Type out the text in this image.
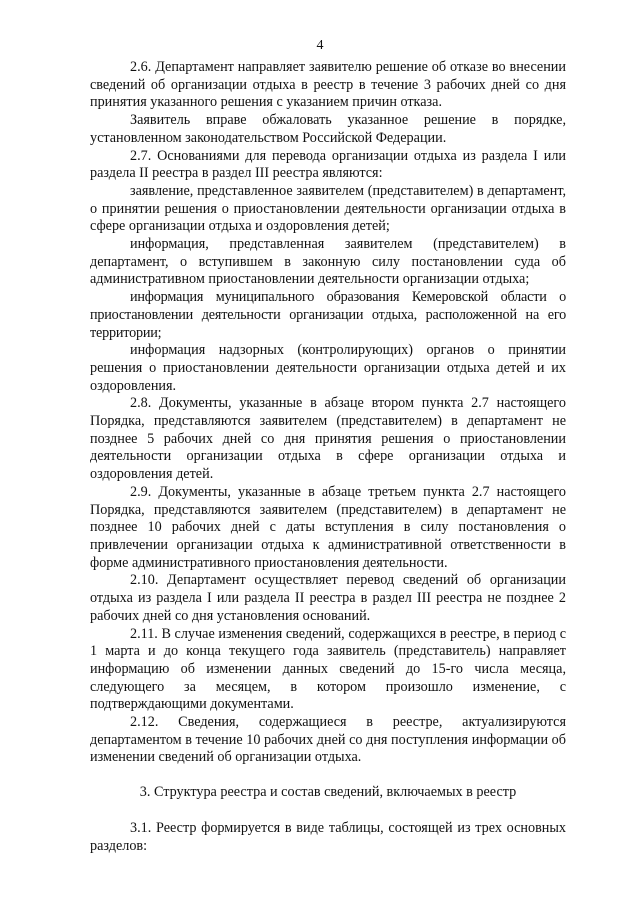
4

2.6. Департамент направляет заявителю решение об отказе во внесении сведений об организации отдыха в реестр в течение 3 рабочих дней со дня принятия указанного решения с указанием причин отказа.

Заявитель вправе обжаловать указанное решение в порядке, установленном законодательством Российской Федерации.

2.7. Основаниями для перевода организации отдыха из раздела I или раздела II реестра в раздел III реестра являются:

заявление, представленное заявителем (представителем) в департамент, о принятии решения о приостановлении деятельности организации отдыха в сфере организации отдыха и оздоровления детей;

информация, представленная заявителем (представителем) в департамент, о вступившем в законную силу постановлении суда об административном приостановлении деятельности организации отдыха;

информация муниципального образования Кемеровской области о приостановлении деятельности организации отдыха, расположенной на его территории;

информация надзорных (контролирующих) органов о принятии решения о приостановлении деятельности организации отдыха детей и их оздоровления.

2.8. Документы, указанные в абзаце втором пункта 2.7 настоящего Порядка, представляются заявителем (представителем) в департамент не позднее 5 рабочих дней со дня принятия решения о приостановлении деятельности организации отдыха в сфере организации отдыха и оздоровления детей.

2.9. Документы, указанные в абзаце третьем пункта 2.7 настоящего Порядка, представляются заявителем (представителем) в департамент не позднее 10 рабочих дней с даты вступления в силу постановления о привлечении организации отдыха к административной ответственности в форме административного приостановления деятельности.

2.10. Департамент осуществляет перевод сведений об организации отдыха из раздела I или раздела II реестра в раздел III реестра не позднее 2 рабочих дней со дня установления оснований.

2.11. В случае изменения сведений, содержащихся в реестре, в период с 1 марта и до конца текущего года заявитель (представитель) направляет информацию об изменении данных сведений до 15-го числа месяца, следующего за месяцем, в котором произошло изменение, с подтверждающими документами.

2.12. Сведения, содержащиеся в реестре, актуализируются департаментом в течение 10 рабочих дней со дня поступления информации об изменении сведений об организации отдыха.

3. Структура реестра и состав сведений, включаемых в реестр

3.1. Реестр формируется в виде таблицы, состоящей из трех основных разделов:
